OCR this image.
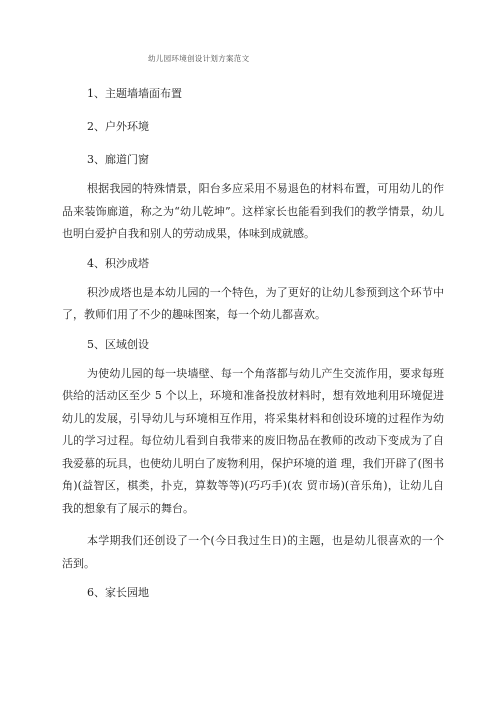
幼儿园环境创设计划方案范文

1、主题墙墙面布置

2、户外环境

3、廊道门窗

根据我园的特殊情景，阳台多应采用不易退色的材料布置，可用幼儿的作品来装饰廊道，称之为“幼儿乾坤”。这样家长也能看到我们的教学情景，幼儿也明白爱护自我和别人的劳动成果，体味到成就感。

4、积沙成塔

积沙成塔也是本幼儿园的一个特色，为了更好的让幼儿参预到这个环节中了，教师们用了不少的趣味图案，每一个幼儿都喜欢。

5、区域创设

为使幼儿园的每一块墙壁、每一个角落都与幼儿产生交流作用，要求每班供给的活动区至少 5 个以上，环境和准备投放材料时，想有效地利用环境促进幼儿的发展，引导幼儿与环境相互作用，将采集材料和创设环境的过程作为幼儿的学习过程。每位幼儿看到自我带来的废旧物品在教师的改动下变成为了自我爱慕的玩具，也使幼儿明白了废物利用，保护环境的道 理，我们开辟了(图书角)(益智区，棋类，扑克，算数等等)(巧巧手)(农 贸市场)(音乐角)，让幼儿自我的想象有了展示的舞台。

本学期我们还创设了一个(今日我过生日)的主题，也是幼儿很喜欢的一个活到。

6、家长园地
